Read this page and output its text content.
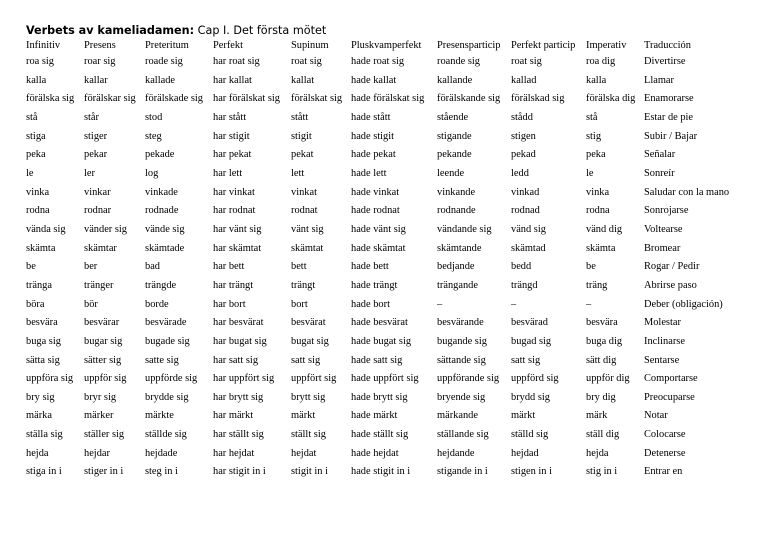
Verbets av kameliadamen: Cap I. Det första mötet
Infinitiv	Presens	Preteritum	Perfekt	Supinum	Pluskvamperfekt	Presensparticip	Perfekt particip	Imperativ	Traducción
roa sig	roar sig	roade sig	har roat sig	roat sig	hade roat sig	roande sig	roat sig	roa dig	Divertirse
kalla	kallar	kallade	har kallat	kallat	hade kallat	kallande	kallad	kalla	Llamar
förälska sig	förälskar sig	förälskade sig	har förälskat sig	förälskat sig	hade förälskat sig	förälskande sig	förälskad sig	förälska dig	Enamorarse
stå	står	stod	har stått	stått	hade stått	stående	stådd	stå	Estar de pie
stiga	stiger	steg	har stigit	stigit	hade stigit	stigande	stigen	stig	Subir / Bajar
peka	pekar	pekade	har pekat	pekat	hade pekat	pekande	pekad	peka	Señalar
le	ler	log	har lett	lett	hade lett	leende	ledd	le	Sonreír
vinka	vinkar	vinkade	har vinkat	vinkat	hade vinkat	vinkande	vinkad	vinka	Saludar con la mano
rodna	rodnar	rodnade	har rodnat	rodnat	hade rodnat	rodnande	rodnad	rodna	Sonrojarse
vända sig	vänder sig	vände sig	har vänt sig	vänt sig	hade vänt sig	vändande sig	vänd sig	vänd dig	Voltearse
skämta	skämtar	skämtade	har skämtat	skämtat	hade skämtat	skämtande	skämtad	skämta	Bromear
be	ber	bad	har bett	bett	hade bett	bedjande	bedd	be	Rogar / Pedir
tränga	tränger	trängde	har trängt	trängt	hade trängt	trängande	trängd	träng	Abrirse paso
böra	bör	borde	har bort	bort	hade bort	–	–	–	Deber (obligación)
besvära	besvärar	besvärade	har besvärat	besvärat	hade besvärat	besvärande	besvärad	besvära	Molestar
buga sig	bugar sig	bugade sig	har bugat sig	bugat sig	hade bugat sig	bugande sig	bugad sig	buga dig	Inclinarse
sätta sig	sätter sig	satte sig	har satt sig	satt sig	hade satt sig	sättande sig	satt sig	sätt dig	Sentarse
uppföra sig	uppför sig	uppförde sig	har uppfört sig	uppfört sig	hade uppfört sig	uppförande sig	uppförd sig	uppför dig	Comportarse
bry sig	bryr sig	brydde sig	har brytt sig	brytt sig	hade brytt sig	bryende sig	brydd sig	bry dig	Preocuparse
märka	märker	märkte	har märkt	märkt	hade märkt	märkande	märkt	märk	Notar
ställa sig	ställer sig	ställde sig	har ställt sig	ställt sig	hade ställt sig	ställande sig	ställd sig	ställ dig	Colocarse
hejda	hejdar	hejdade	har hejdat	hejdat	hade hejdat	hejdande	hejdad	hejda	Detenerse
stiga in i	stiger in i	steg in i	har stigit in i	stigit in i	hade stigit in i	stigande in i	stigen in i	stig in i	Entrar en
